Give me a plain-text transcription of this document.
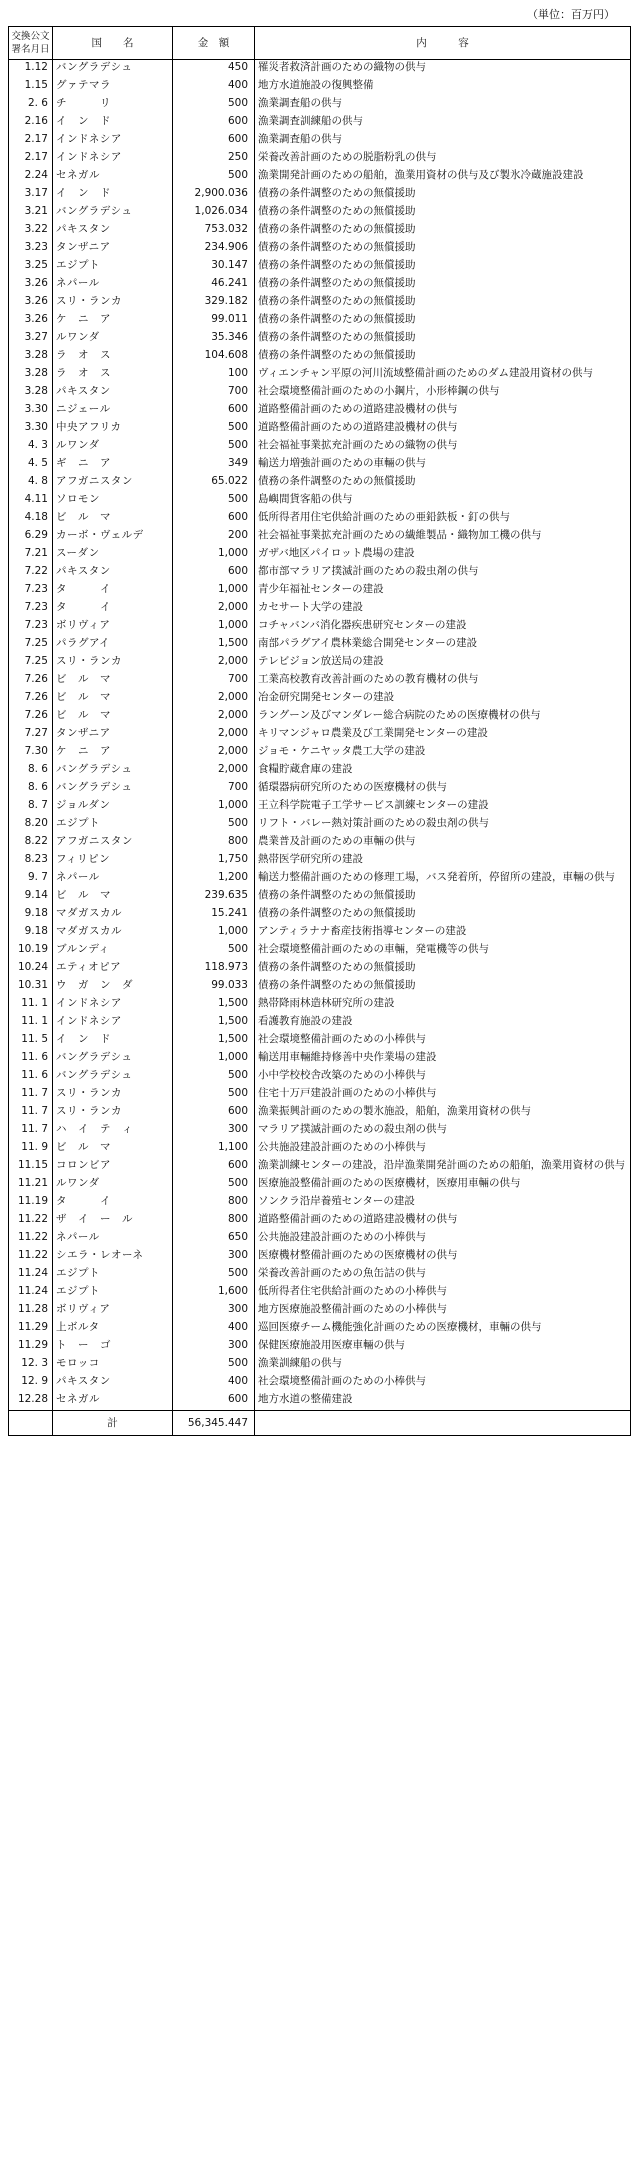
（単位：百万円）
交換公文署名月日	国　　名	金　額	内　　　容
1.12	バングラデシュ	450	罹災者救済計画のための織物の供与
1.15	グァテマラ	400	地方水道施設の復興整備
2. 6	チ　　　リ	500	漁業調査船の供与
2.16	イ　ン　ド	600	漁業調査訓練船の供与
2.17	インドネシア	600	漁業調査船の供与
2.17	インドネシア	250	栄養改善計画のための脱脂粉乳の供与
2.24	セネガル	500	漁業開発計画のための船舶，漁業用資材の供与及び製氷冷蔵施設建設
3.17	イ　ン　ド	2,900.036	債務の条件調整のための無償援助
3.21	バングラデシュ	1,026.034	債務の条件調整のための無償援助
3.22	パキスタン	753.032	債務の条件調整のための無償援助
3.23	タンザニア	234.906	債務の条件調整のための無償援助
3.25	エジプト	30.147	債務の条件調整のための無償援助
3.26	ネパール	46.241	債務の条件調整のための無償援助
3.26	スリ・ランカ	329.182	債務の条件調整のための無償援助
3.26	ケ　ニ　ア	99.011	債務の条件調整のための無償援助
3.27	ルワンダ	35.346	債務の条件調整のための無償援助
3.28	ラ　オ　ス	104.608	債務の条件調整のための無償援助
3.28	ラ　オ　ス	100	ヴィエンチャン平原の河川流域整備計画のためのダム建設用資材の供与
3.28	パキスタン	700	社会環境整備計画のための小鋼片，小形棒鋼の供与
3.30	ニジェール	600	道路整備計画のための道路建設機材の供与
3.30	中央アフリカ	500	道路整備計画のための道路建設機材の供与
4. 3	ルワンダ	500	社会福祉事業拡充計画のための織物の供与
4. 5	ギ　ニ　ア	349	輸送力増強計画のための車輛の供与
4. 8	アフガニスタン	65.022	債務の条件調整のための無償援助
4.11	ソロモン	500	島嶼間貨客船の供与
4.18	ビ　ル　マ	600	低所得者用住宅供給計画のための亜鉛鉄板・釘の供与
6.29	カーボ・ヴェルデ	200	社会福祉事業拡充計画のための繊維製品・織物加工機の供与
7.21	スーダン	1,000	ガザバ地区パイロット農場の建設
7.22	パキスタン	600	都市部マラリア撲滅計画のための殺虫剤の供与
7.23	タ　　　イ	1,000	青少年福祉センターの建設
7.23	タ　　　イ	2,000	カセサート大学の建設
7.23	ボリヴィア	1,000	コチャバンバ消化器疾患研究センターの建設
7.25	パラグアイ	1,500	南部パラグアイ農林業総合開発センターの建設
7.25	スリ・ランカ	2,000	テレビジョン放送局の建設
7.26	ビ　ル　マ	700	工業高校教育改善計画のための教育機材の供与
7.26	ビ　ル　マ	2,000	冶金研究開発センターの建設
7.26	ビ　ル　マ	2,000	ラングーン及びマンダレー総合病院のための医療機材の供与
7.27	タンザニア	2,000	キリマンジャロ農業及び工業開発センターの建設
7.30	ケ　ニ　ア	2,000	ジョモ・ケニヤッタ農工大学の建設
8. 6	バングラデシュ	2,000	食糧貯蔵倉庫の建設
8. 6	バングラデシュ	700	循環器病研究所のための医療機材の供与
8. 7	ジョルダン	1,000	王立科学院電子工学サービス訓練センターの建設
8.20	エジプト	500	リフト・バレー熱対策計画のための殺虫剤の供与
8.22	アフガニスタン	800	農業普及計画のための車輛の供与
8.23	フィリピン	1,750	熱帯医学研究所の建設
9. 7	ネパール	1,200	輸送力整備計画のための修理工場，バス発着所，停留所の建設，車輛の供与
9.14	ビ　ル　マ	239.635	債務の条件調整のための無償援助
9.18	マダガスカル	15.241	債務の条件調整のための無償援助
9.18	マダガスカル	1,000	アンティラナナ畜産技術指導センターの建設
10.19	ブルンディ	500	社会環境整備計画のための車輛，発電機等の供与
10.24	エティオピア	118.973	債務の条件調整のための無償援助
10.31	ウ　ガ　ン　ダ	99.033	債務の条件調整のための無償援助
11. 1	インドネシア	1,500	熱帯降雨林造林研究所の建設
11. 1	インドネシア	1,500	看護教育施設の建設
11. 5	イ　ン　ド	1,500	社会環境整備計画のための小棒供与
11. 6	バングラデシュ	1,000	輸送用車輛維持修善中央作業場の建設
11. 6	バングラデシュ	500	小中学校校舎改築のための小棒供与
11. 7	スリ・ランカ	500	住宅十万戸建設計画のための小棒供与
11. 7	スリ・ランカ	600	漁業振興計画のための製氷施設，船舶，漁業用資材の供与
11. 7	ハ　イ　テ　ィ	300	マラリア撲滅計画のための殺虫剤の供与
11. 9	ビ　ル　マ	1,100	公共施設建設計画のための小棒供与
11.15	コロンビア	600	漁業訓練センターの建設，沿岸漁業開発計画のための船舶，漁業用資材の供与
11.21	ルワンダ	500	医療施設整備計画のための医療機材，医療用車輛の供与
11.19	タ　　　イ	800	ソンクラ沿岸養殖センターの建設
11.22	ザ　イ　ー　ル	800	道路整備計画のための道路建設機材の供与
11.22	ネパール	650	公共施設建設計画のための小棒供与
11.22	シエラ・レオーネ	300	医療機材整備計画のための医療機材の供与
11.24	エジプト	500	栄養改善計画のための魚缶詰の供与
11.24	エジプト	1,600	低所得者住宅供給計画のための小棒供与
11.28	ボリヴィア	300	地方医療施設整備計画のための小棒供与
11.29	上ボルタ	400	巡回医療チーム機能強化計画のための医療機材，車輛の供与
11.29	ト　ー　ゴ	300	保健医療施設用医療車輛の供与
12. 3	モロッコ	500	漁業訓練船の供与
12. 9	パキスタン	400	社会環境整備計画のための小棒供与
12.28	セネガル	600	地方水道の整備建設
	計	56,345.447	
